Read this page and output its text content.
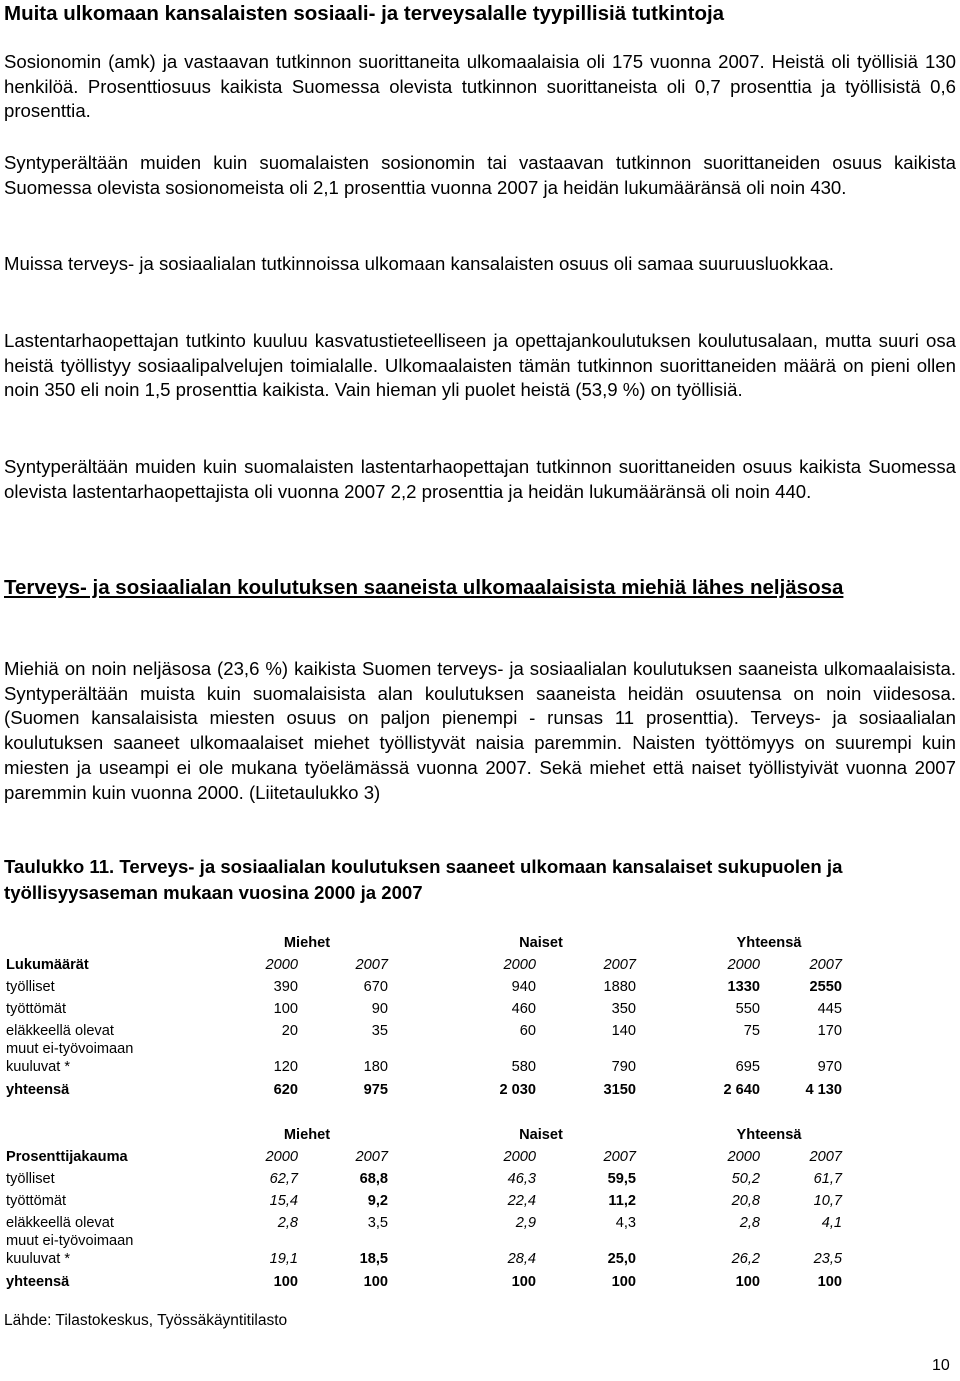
Muita ulkomaan kansalaisten sosiaali- ja terveysalalle tyypillisiä tutkintoja

Sosionomin (amk) ja vastaavan tutkinnon suorittaneita ulkomaalaisia oli 175 vuonna 2007. Heistä oli työllisiä 130 henkilöä. Prosenttiosuus kaikista Suomessa olevista tutkinnon suorittaneista oli 0,7 prosenttia ja työllisistä 0,6 prosenttia.

Syntyperältään muiden kuin suomalaisten sosionomin tai vastaavan tutkinnon suorittaneiden osuus kaikista Suomessa olevista sosionomeista oli 2,1 prosenttia vuonna 2007 ja heidän lukumääränsä oli noin 430.

Muissa terveys- ja sosiaalialan tutkinnoissa ulkomaan kansalaisten osuus oli samaa suuruusluokkaa.

Lastentarhaopettajan tutkinto kuuluu kasvatustieteelliseen ja opettajankoulutuksen koulutusalaan, mutta suuri osa heistä työllistyy sosiaalipalvelujen toimialalle. Ulkomaalaisten tämän tutkinnon suorittaneiden määrä on pieni ollen noin 350 eli noin 1,5 prosenttia kaikista. Vain hieman yli puolet heistä (53,9 %) on työllisiä.

Syntyperältään muiden kuin suomalaisten lastentarhaopettajan tutkinnon suorittaneiden osuus kaikista Suomessa olevista lastentarhaopettajista oli vuonna 2007 2,2 prosenttia ja heidän lukumääränsä oli noin 440.

Terveys- ja sosiaalialan koulutuksen saaneista ulkomaalaisista miehiä lähes neljäsosa

Miehiä on noin neljäsosa (23,6 %) kaikista Suomen terveys- ja sosiaalialan koulutuksen saaneista ulkomaalaisista. Syntyperältään muista kuin suomalaisista alan koulutuksen saaneista heidän osuutensa on noin viidesosa. (Suomen kansalaisista miesten osuus on paljon pienempi - runsas 11 prosenttia). Terveys- ja sosiaalialan koulutuksen saaneet ulkomaalaiset miehet työllistyvät naisia paremmin. Naisten työttömyys on suurempi kuin miesten ja useampi ei ole mukana työelämässä vuonna 2007. Sekä miehet että naiset työllistyivät vuonna 2007 paremmin kuin vuonna 2000. (Liitetaulukko 3)

Taulukko 11. Terveys- ja sosiaalialan koulutuksen saaneet ulkomaan kansalaiset sukupuolen ja työllisyysaseman mukaan vuosina 2000 ja 2007
Miehet	Naiset	Yhteensä
Lukumäärät	2000	2007	2000	2007	2000	2007
työlliset	390	670	940	1880	1330	2550
työttömät	100	90	460	350	550	445
eläkkeellä olevat	20	35	60	140	75	170
muut ei-työvoimaan
kuuluvat *	120	180	580	790	695	970
yhteensä	620	975	2 030	3150	2 640	4 130
Miehet	Naiset	Yhteensä
Prosenttijakauma	2000	2007	2000	2007	2000	2007
työlliset	62,7	68,8	46,3	59,5	50,2	61,7
työttömät	15,4	9,2	22,4	11,2	20,8	10,7
eläkkeellä olevat	2,8	3,5	2,9	4,3	2,8	4,1
muut ei-työvoimaan
kuuluvat *	19,1	18,5	28,4	25,0	26,2	23,5
yhteensä	100	100	100	100	100	100
Lähde: Tilastokeskus, Työssäkäyntitilasto
10
